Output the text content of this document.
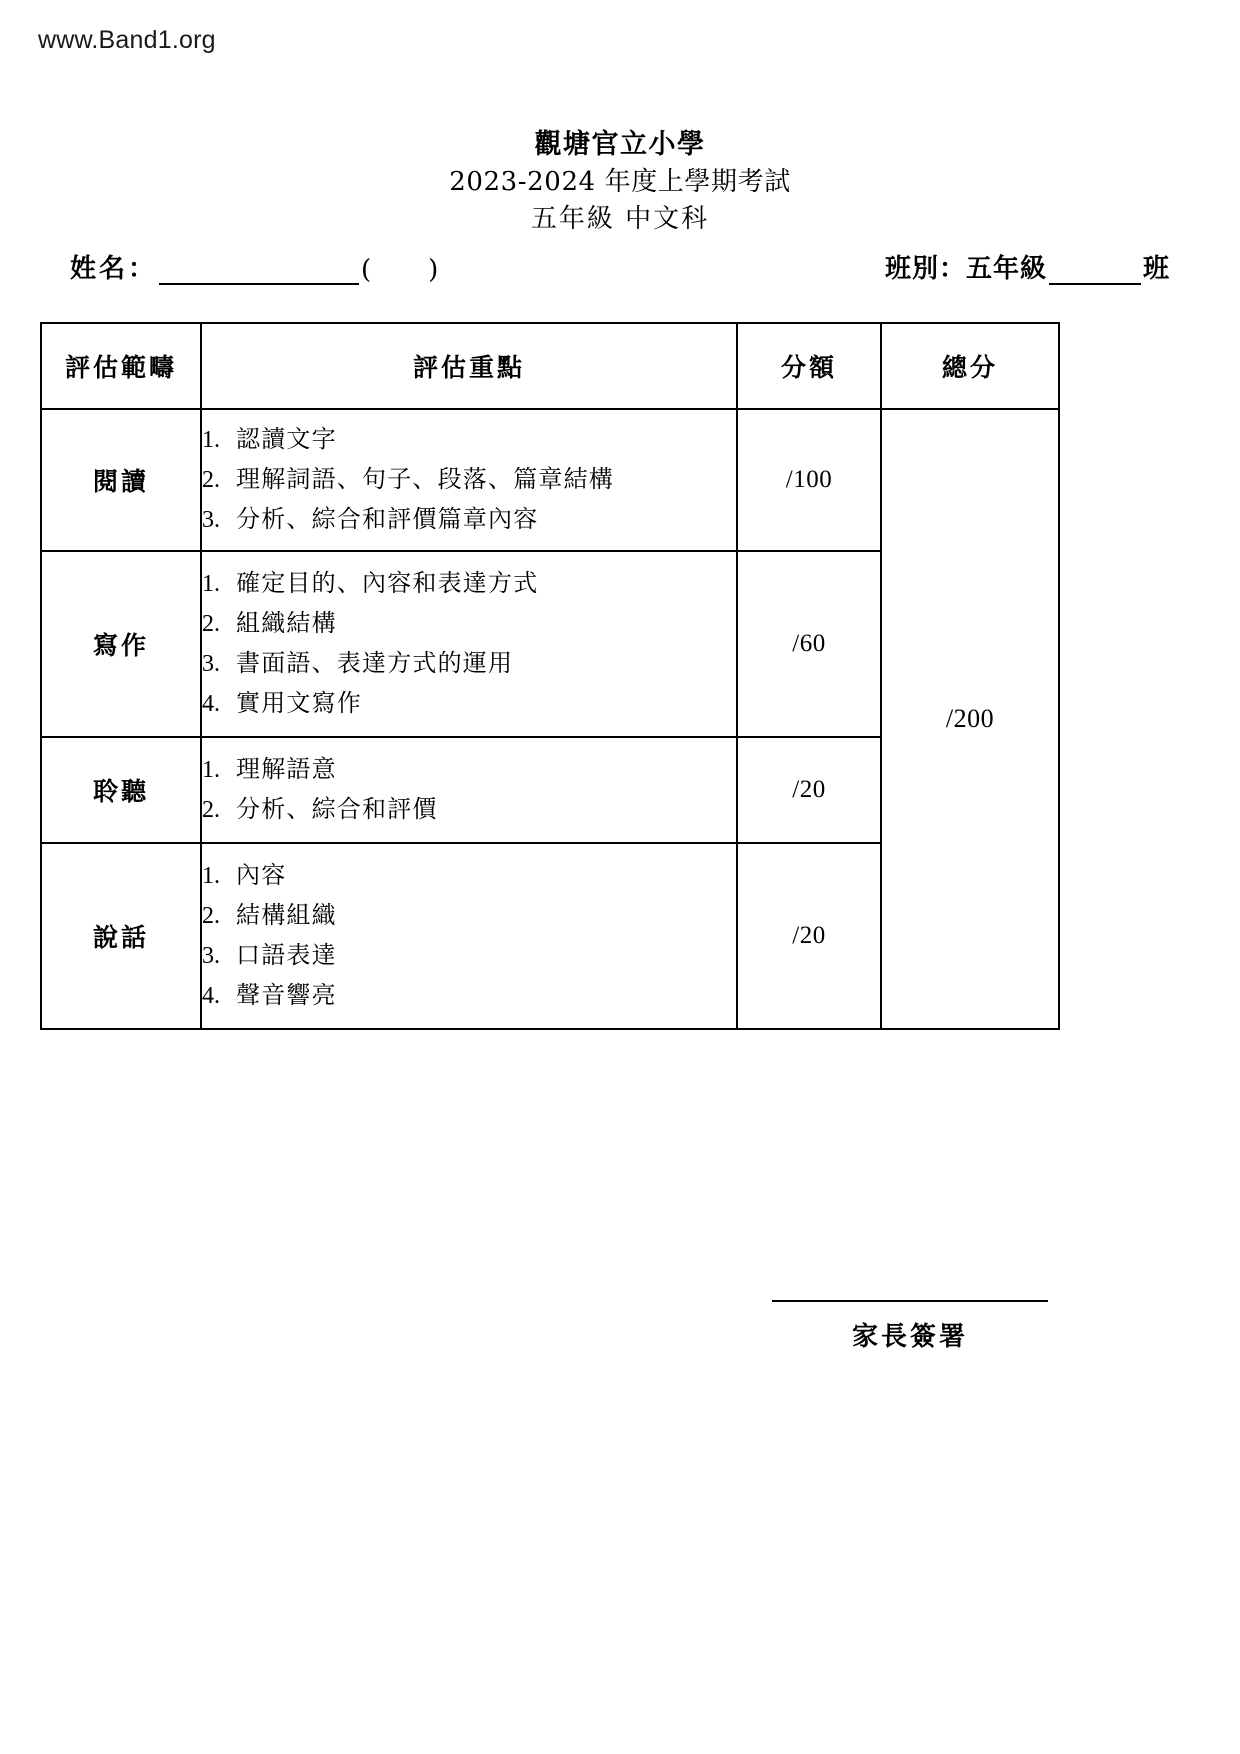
www.Band1.org
觀塘官立小學
2023-2024 年度上學期考試
五年級 中文科
姓名：	( )	班別：五年級	班
評估範疇	評估重點	分額	總分
閱讀	1. 認讀文字
2. 理解詞語、句子、段落、篇章結構
3. 分析、綜合和評價篇章內容	/100	/200
寫作	1. 確定目的、內容和表達方式
2. 組織結構
3. 書面語、表達方式的運用
4. 實用文寫作	/60	
聆聽	1. 理解語意
2. 分析、綜合和評價	/20	
說話	1. 內容
2. 結構組織
3. 口語表達
4. 聲音響亮	/20	
家長簽署
